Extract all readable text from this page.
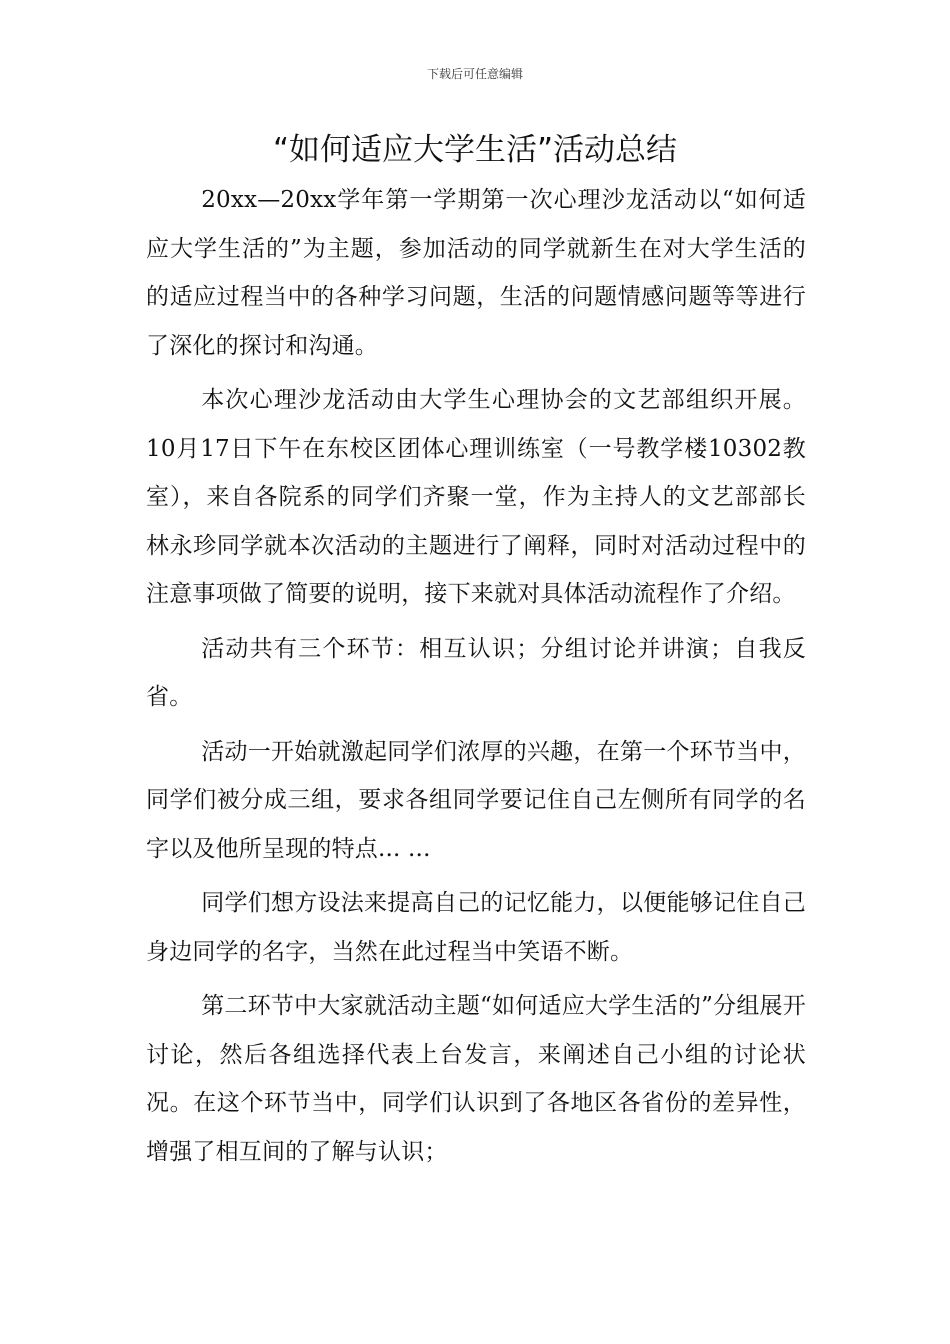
下载后可任意编辑
“如何适应大学生活”活动总结

20xx—20xx学年第一学期第一次心理沙龙活动以“如何适应大学生活的”为主题，参加活动的同学就新生在对大学生活的的适应过程当中的各种学习问题，生活的问题情感问题等等进行了深化的探讨和沟通。

本次心理沙龙活动由大学生心理协会的文艺部组织开展。10月17日下午在东校区团体心理训练室（一号教学楼10302教室），来自各院系的同学们齐聚一堂，作为主持人的文艺部部长林永珍同学就本次活动的主题进行了阐释，同时对活动过程中的注意事项做了简要的说明，接下来就对具体活动流程作了介绍。

活动共有三个环节：相互认识；分组讨论并讲演；自我反省。

活动一开始就激起同学们浓厚的兴趣，在第一个环节当中，同学们被分成三组，要求各组同学要记住自己左侧所有同学的名字以及他所呈现的特点... ...

同学们想方设法来提高自己的记忆能力，以便能够记住自己身边同学的名字，当然在此过程当中笑语不断。

第二环节中大家就活动主题“如何适应大学生活的”分组展开讨论，然后各组选择代表上台发言，来阐述自己小组的讨论状况。在这个环节当中，同学们认识到了各地区各省份的差异性，增强了相互间的了解与认识；
